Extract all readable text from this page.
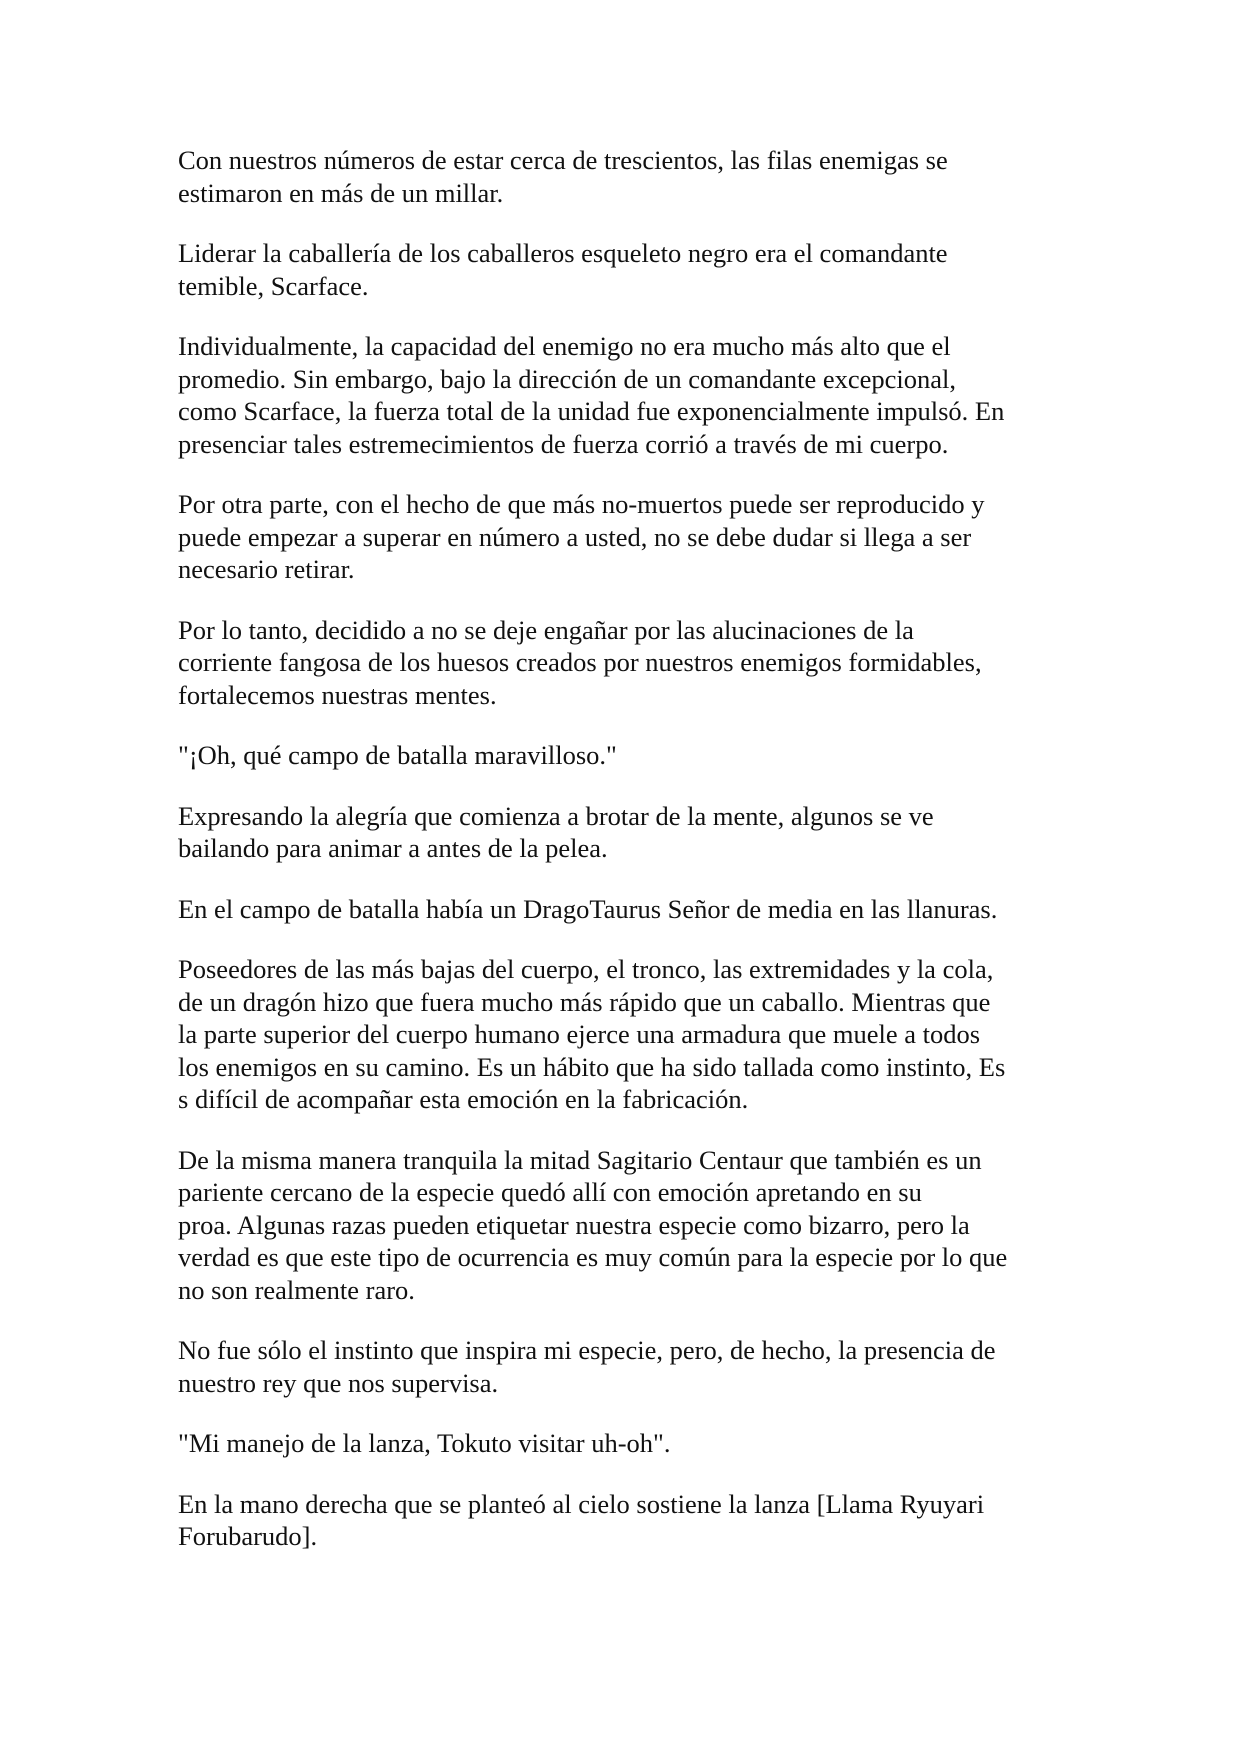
Con nuestros números de estar cerca de trescientos, las filas enemigas se
estimaron en más de un millar.

Liderar la caballería de los caballeros esqueleto negro era el comandante
temible, Scarface.

Individualmente, la capacidad del enemigo no era mucho más alto que el
promedio. Sin embargo, bajo la dirección de un comandante excepcional,
como Scarface, la fuerza total de la unidad fue exponencialmente impulsó. En
presenciar tales estremecimientos de fuerza corrió a través de mi cuerpo.

Por otra parte, con el hecho de que más no-muertos puede ser reproducido y
puede empezar a superar en número a usted, no se debe dudar si llega a ser
necesario retirar.

Por lo tanto, decidido a no se deje engañar por las alucinaciones de la
corriente fangosa de los huesos creados por nuestros enemigos formidables,
fortalecemos nuestras mentes.

"¡Oh, qué campo de batalla maravilloso."

Expresando la alegría que comienza a brotar de la mente, algunos se ve
bailando para animar a antes de la pelea.

En el campo de batalla había un DragoTaurus Señor de media en las llanuras.

Poseedores de las más bajas del cuerpo, el tronco, las extremidades y la cola,
de un dragón hizo que fuera mucho más rápido que un caballo. Mientras que
la parte superior del cuerpo humano ejerce una armadura que muele a todos
los enemigos en su camino. Es un hábito que ha sido tallada como instinto, Es
s difícil de acompañar esta emoción en la fabricación.

De la misma manera tranquila la mitad Sagitario Centaur que también es un
pariente cercano de la especie quedó allí con emoción apretando en su
proa. Algunas razas pueden etiquetar nuestra especie como bizarro, pero la
verdad es que este tipo de ocurrencia es muy común para la especie por lo que
no son realmente raro.

No fue sólo el instinto que inspira mi especie, pero, de hecho, la presencia de
nuestro rey que nos supervisa.

"Mi manejo de la lanza, Tokuto visitar uh-oh".

En la mano derecha que se planteó al cielo sostiene la lanza [Llama Ryuyari
Forubarudo].
